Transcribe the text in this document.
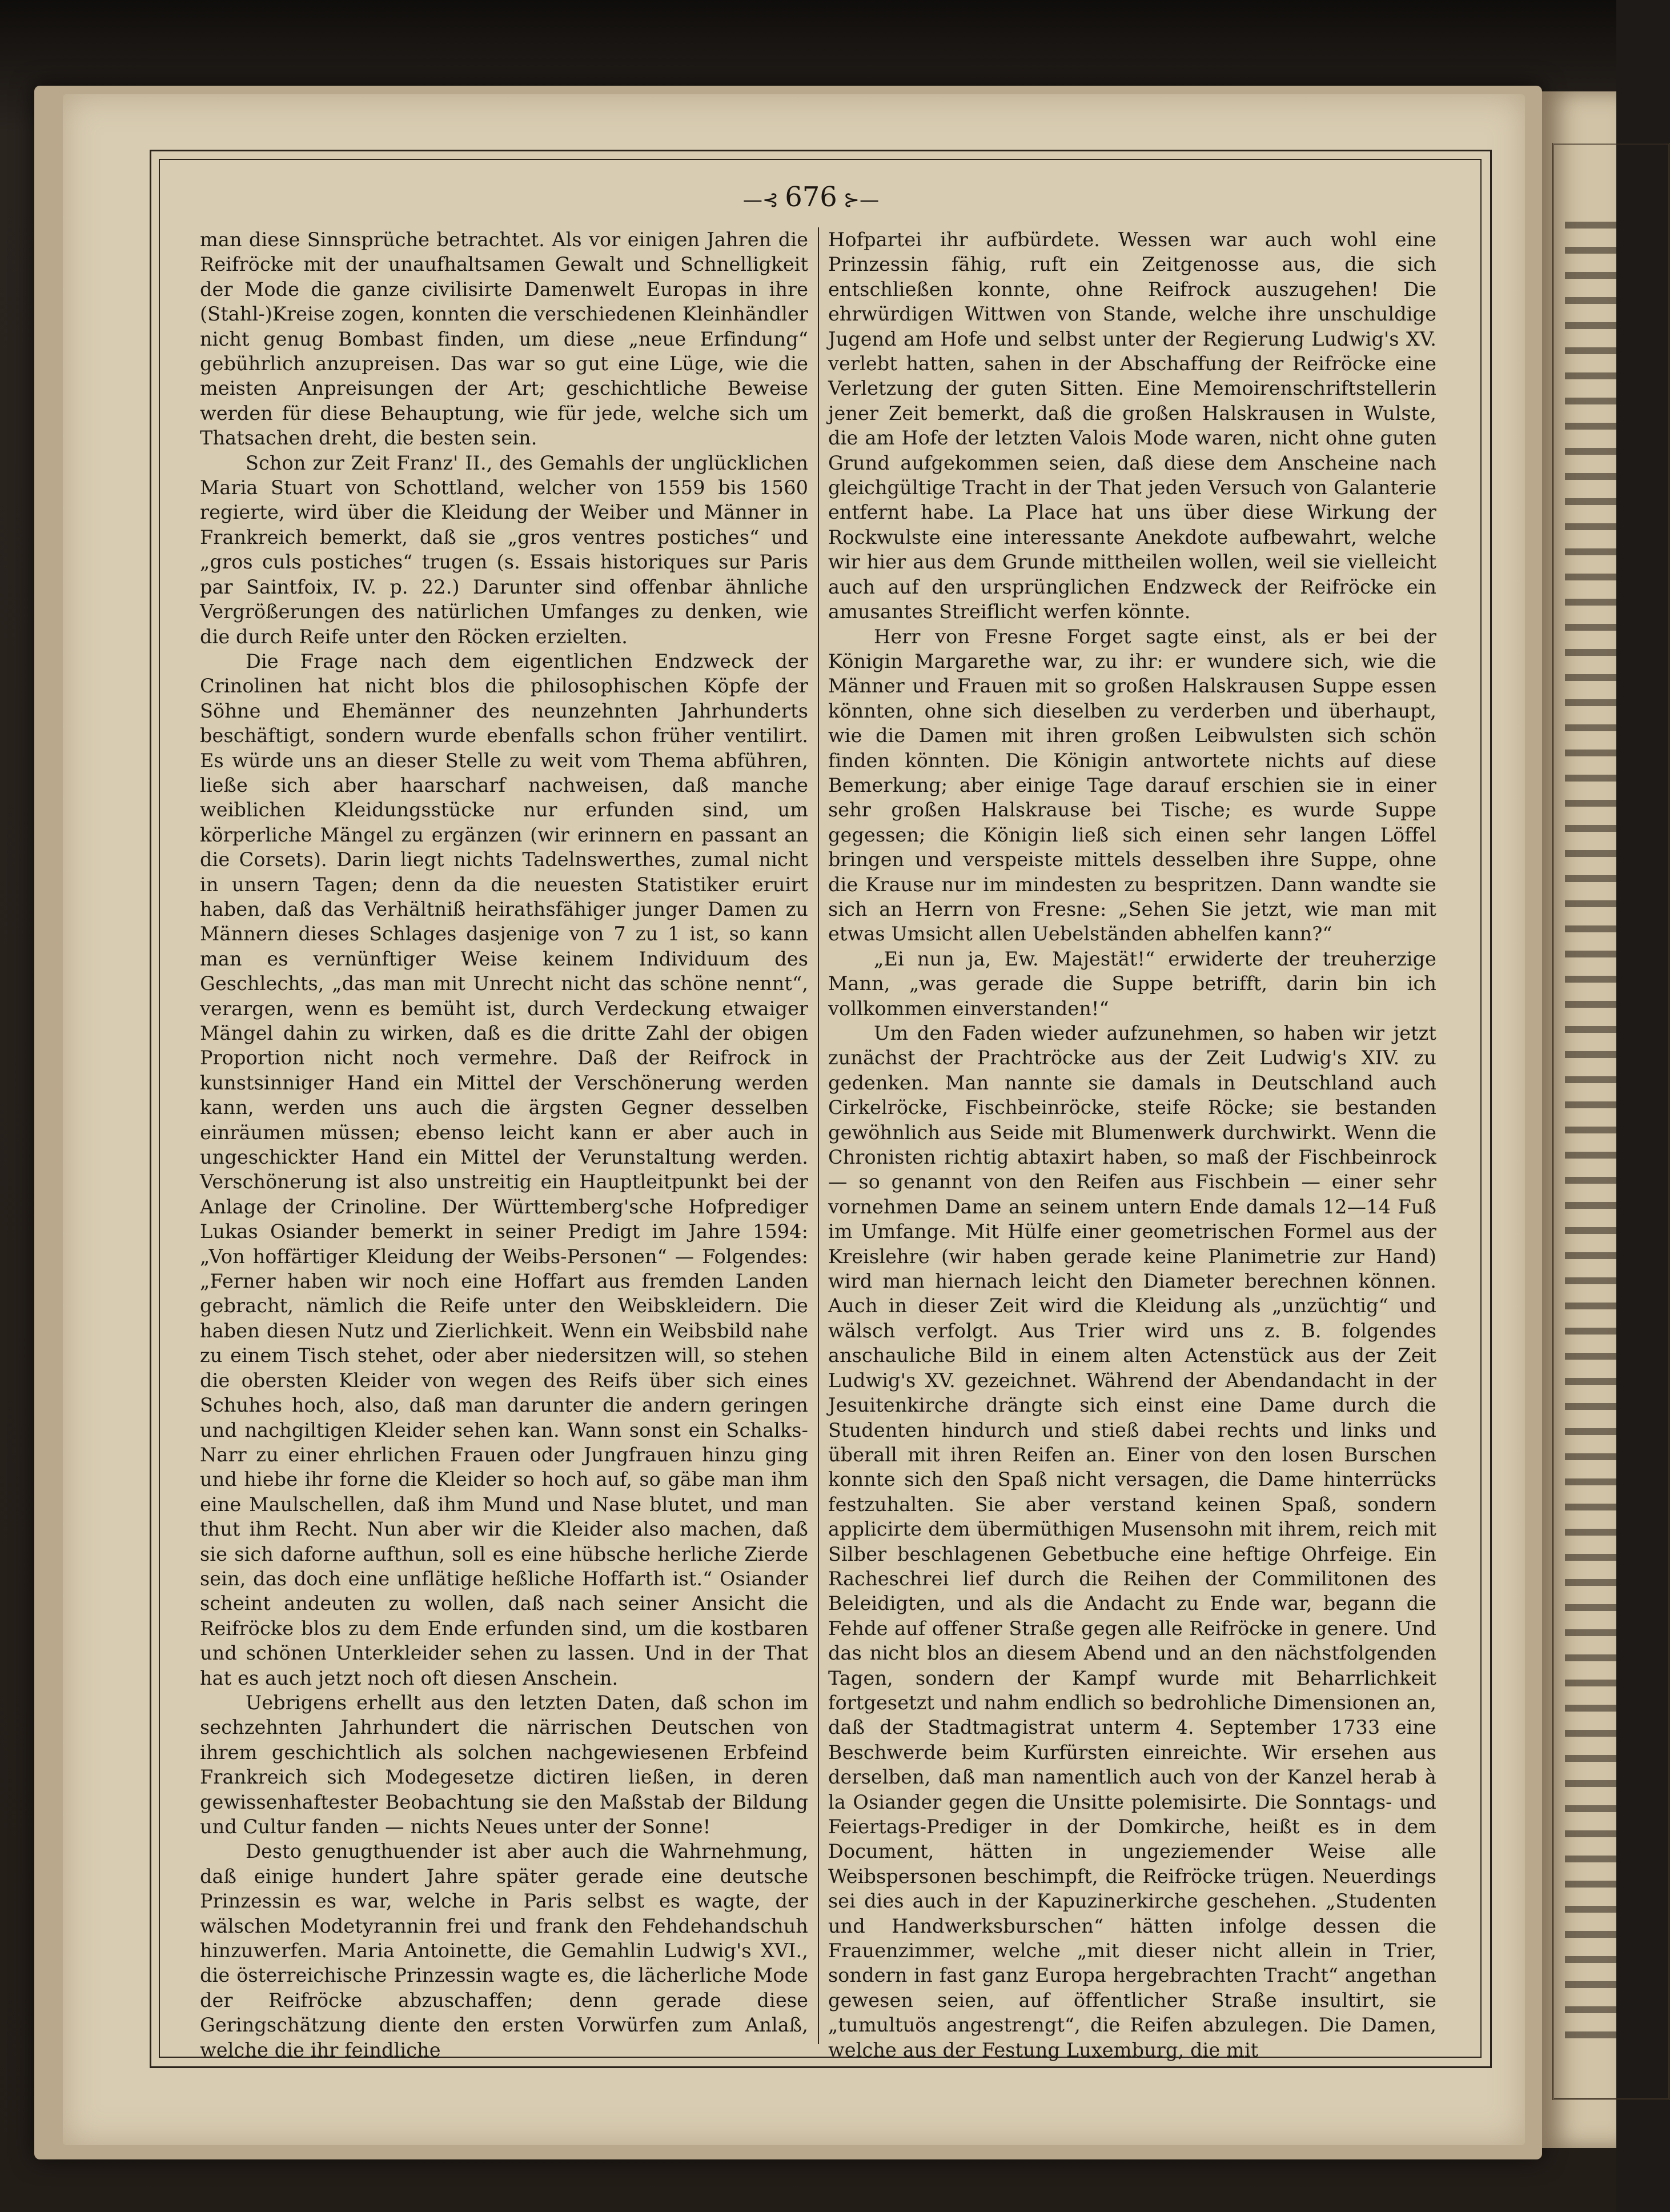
—⊰ 676 ⊱—

man diese Sinnsprüche betrachtet. Als vor einigen Jahren die Reifröcke mit der unaufhaltsamen Gewalt und Schnelligkeit der Mode die ganze civilisirte Damenwelt Europas in ihre (Stahl-)Kreise zogen, konnten die verschiedenen Kleinhändler nicht genug Bombast finden, um diese „neue Erfindung“ gebührlich anzupreisen. Das war so gut eine Lüge, wie die meisten Anpreisungen der Art; geschichtliche Beweise werden für diese Behauptung, wie für jede, welche sich um Thatsachen dreht, die besten sein.

Schon zur Zeit Franz' II., des Gemahls der unglücklichen Maria Stuart von Schottland, welcher von 1559 bis 1560 regierte, wird über die Kleidung der Weiber und Männer in Frankreich bemerkt, daß sie „gros ventres postiches“ und „gros culs postiches“ trugen (s. Essais historiques sur Paris par Saintfoix, IV. p. 22.) Darunter sind offenbar ähnliche Vergrößerungen des natürlichen Umfanges zu denken, wie die durch Reife unter den Röcken erzielten.

Die Frage nach dem eigentlichen Endzweck der Crinolinen hat nicht blos die philosophischen Köpfe der Söhne und Ehemänner des neunzehnten Jahrhunderts beschäftigt, sondern wurde ebenfalls schon früher ventilirt. Es würde uns an dieser Stelle zu weit vom Thema abführen, ließe sich aber haarscharf nachweisen, daß manche weiblichen Kleidungsstücke nur erfunden sind, um körperliche Mängel zu ergänzen (wir erinnern en passant an die Corsets). Darin liegt nichts Tadelnswerthes, zumal nicht in unsern Tagen; denn da die neuesten Statistiker eruirt haben, daß das Verhältniß heirathsfähiger junger Damen zu Männern dieses Schlages dasjenige von 7 zu 1 ist, so kann man es vernünftiger Weise keinem Individuum des Geschlechts, „das man mit Unrecht nicht das schöne nennt“, verargen, wenn es bemüht ist, durch Verdeckung etwaiger Mängel dahin zu wirken, daß es die dritte Zahl der obigen Proportion nicht noch vermehre. Daß der Reifrock in kunstsinniger Hand ein Mittel der Verschönerung werden kann, werden uns auch die ärgsten Gegner desselben einräumen müssen; ebenso leicht kann er aber auch in ungeschickter Hand ein Mittel der Verunstaltung werden. Verschönerung ist also unstreitig ein Hauptleitpunkt bei der Anlage der Crinoline. Der Württemberg'sche Hofprediger Lukas Osiander bemerkt in seiner Predigt im Jahre 1594: „Von hoffärtiger Kleidung der Weibs-Personen“ — Folgendes: „Ferner haben wir noch eine Hoffart aus fremden Landen gebracht, nämlich die Reife unter den Weibskleidern. Die haben diesen Nutz und Zierlichkeit. Wenn ein Weibsbild nahe zu einem Tisch stehet, oder aber niedersitzen will, so stehen die obersten Kleider von wegen des Reifs über sich eines Schuhes hoch, also, daß man darunter die andern geringen und nachgiltigen Kleider sehen kan. Wann sonst ein Schalks-Narr zu einer ehrlichen Frauen oder Jungfrauen hinzu ging und hiebe ihr forne die Kleider so hoch auf, so gäbe man ihm eine Maulschellen, daß ihm Mund und Nase blutet, und man thut ihm Recht. Nun aber wir die Kleider also machen, daß sie sich daforne aufthun, soll es eine hübsche herliche Zierde sein, das doch eine unflätige heßliche Hoffarth ist.“ Osiander scheint andeuten zu wollen, daß nach seiner Ansicht die Reifröcke blos zu dem Ende erfunden sind, um die kostbaren und schönen Unterkleider sehen zu lassen. Und in der That hat es auch jetzt noch oft diesen Anschein.

Uebrigens erhellt aus den letzten Daten, daß schon im sechzehnten Jahrhundert die närrischen Deutschen von ihrem geschichtlich als solchen nachgewiesenen Erbfeind Frankreich sich Modegesetze dictiren ließen, in deren gewissenhaftester Beobachtung sie den Maßstab der Bildung und Cultur fanden — nichts Neues unter der Sonne!

Desto genugthuender ist aber auch die Wahrnehmung, daß einige hundert Jahre später gerade eine deutsche Prinzessin es war, welche in Paris selbst es wagte, der wälschen Modetyrannin frei und frank den Fehdehandschuh hinzuwerfen. Maria Antoinette, die Gemahlin Ludwig's XVI., die österreichische Prinzessin wagte es, die lächerliche Mode der Reifröcke abzuschaffen; denn gerade diese Geringschätzung diente den ersten Vorwürfen zum Anlaß, welche die ihr feindliche

Hofpartei ihr aufbürdete. Wessen war auch wohl eine Prinzessin fähig, ruft ein Zeitgenosse aus, die sich entschließen konnte, ohne Reifrock auszugehen! Die ehrwürdigen Wittwen von Stande, welche ihre unschuldige Jugend am Hofe und selbst unter der Regierung Ludwig's XV. verlebt hatten, sahen in der Abschaffung der Reifröcke eine Verletzung der guten Sitten. Eine Memoirenschriftstellerin jener Zeit bemerkt, daß die großen Halskrausen in Wulste, die am Hofe der letzten Valois Mode waren, nicht ohne guten Grund aufgekommen seien, daß diese dem Anscheine nach gleichgültige Tracht in der That jeden Versuch von Galanterie entfernt habe. La Place hat uns über diese Wirkung der Rockwulste eine interessante Anekdote aufbewahrt, welche wir hier aus dem Grunde mittheilen wollen, weil sie vielleicht auch auf den ursprünglichen Endzweck der Reifröcke ein amusantes Streiflicht werfen könnte.

Herr von Fresne Forget sagte einst, als er bei der Königin Margarethe war, zu ihr: er wundere sich, wie die Männer und Frauen mit so großen Halskrausen Suppe essen könnten, ohne sich dieselben zu verderben und überhaupt, wie die Damen mit ihren großen Leibwulsten sich schön finden könnten. Die Königin antwortete nichts auf diese Bemerkung; aber einige Tage darauf erschien sie in einer sehr großen Halskrause bei Tische; es wurde Suppe gegessen; die Königin ließ sich einen sehr langen Löffel bringen und verspeiste mittels desselben ihre Suppe, ohne die Krause nur im mindesten zu bespritzen. Dann wandte sie sich an Herrn von Fresne: „Sehen Sie jetzt, wie man mit etwas Umsicht allen Uebelständen abhelfen kann?“

„Ei nun ja, Ew. Majestät!“ erwiderte der treuherzige Mann, „was gerade die Suppe betrifft, darin bin ich vollkommen einverstanden!“

Um den Faden wieder aufzunehmen, so haben wir jetzt zunächst der Prachtröcke aus der Zeit Ludwig's XIV. zu gedenken. Man nannte sie damals in Deutschland auch Cirkelröcke, Fischbeinröcke, steife Röcke; sie bestanden gewöhnlich aus Seide mit Blumenwerk durchwirkt. Wenn die Chronisten richtig abtaxirt haben, so maß der Fischbeinrock — so genannt von den Reifen aus Fischbein — einer sehr vornehmen Dame an seinem untern Ende damals 12—14 Fuß im Umfange. Mit Hülfe einer geometrischen Formel aus der Kreislehre (wir haben gerade keine Planimetrie zur Hand) wird man hiernach leicht den Diameter berechnen können. Auch in dieser Zeit wird die Kleidung als „unzüchtig“ und wälsch verfolgt. Aus Trier wird uns z. B. folgendes anschauliche Bild in einem alten Actenstück aus der Zeit Ludwig's XV. gezeichnet. Während der Abendandacht in der Jesuitenkirche drängte sich einst eine Dame durch die Studenten hindurch und stieß dabei rechts und links und überall mit ihren Reifen an. Einer von den losen Burschen konnte sich den Spaß nicht versagen, die Dame hinterrücks festzuhalten. Sie aber verstand keinen Spaß, sondern applicirte dem übermüthigen Musensohn mit ihrem, reich mit Silber beschlagenen Gebetbuche eine heftige Ohrfeige. Ein Racheschrei lief durch die Reihen der Commilitonen des Beleidigten, und als die Andacht zu Ende war, begann die Fehde auf offener Straße gegen alle Reifröcke in genere. Und das nicht blos an diesem Abend und an den nächstfolgenden Tagen, sondern der Kampf wurde mit Beharrlichkeit fortgesetzt und nahm endlich so bedrohliche Dimensionen an, daß der Stadtmagistrat unterm 4. September 1733 eine Beschwerde beim Kurfürsten einreichte. Wir ersehen aus derselben, daß man namentlich auch von der Kanzel herab à la Osiander gegen die Unsitte polemisirte. Die Sonntags- und Feiertags-Prediger in der Domkirche, heißt es in dem Document, hätten in ungeziemender Weise alle Weibspersonen beschimpft, die Reifröcke trügen. Neuerdings sei dies auch in der Kapuzinerkirche geschehen. „Studenten und Handwerksburschen“ hätten infolge dessen die Frauenzimmer, welche „mit dieser nicht allein in Trier, sondern in fast ganz Europa hergebrachten Tracht“ angethan gewesen seien, auf öffentlicher Straße insultirt, sie „tumultuös angestrengt“, die Reifen abzulegen. Die Damen, welche aus der Festung Luxemburg, die mit
